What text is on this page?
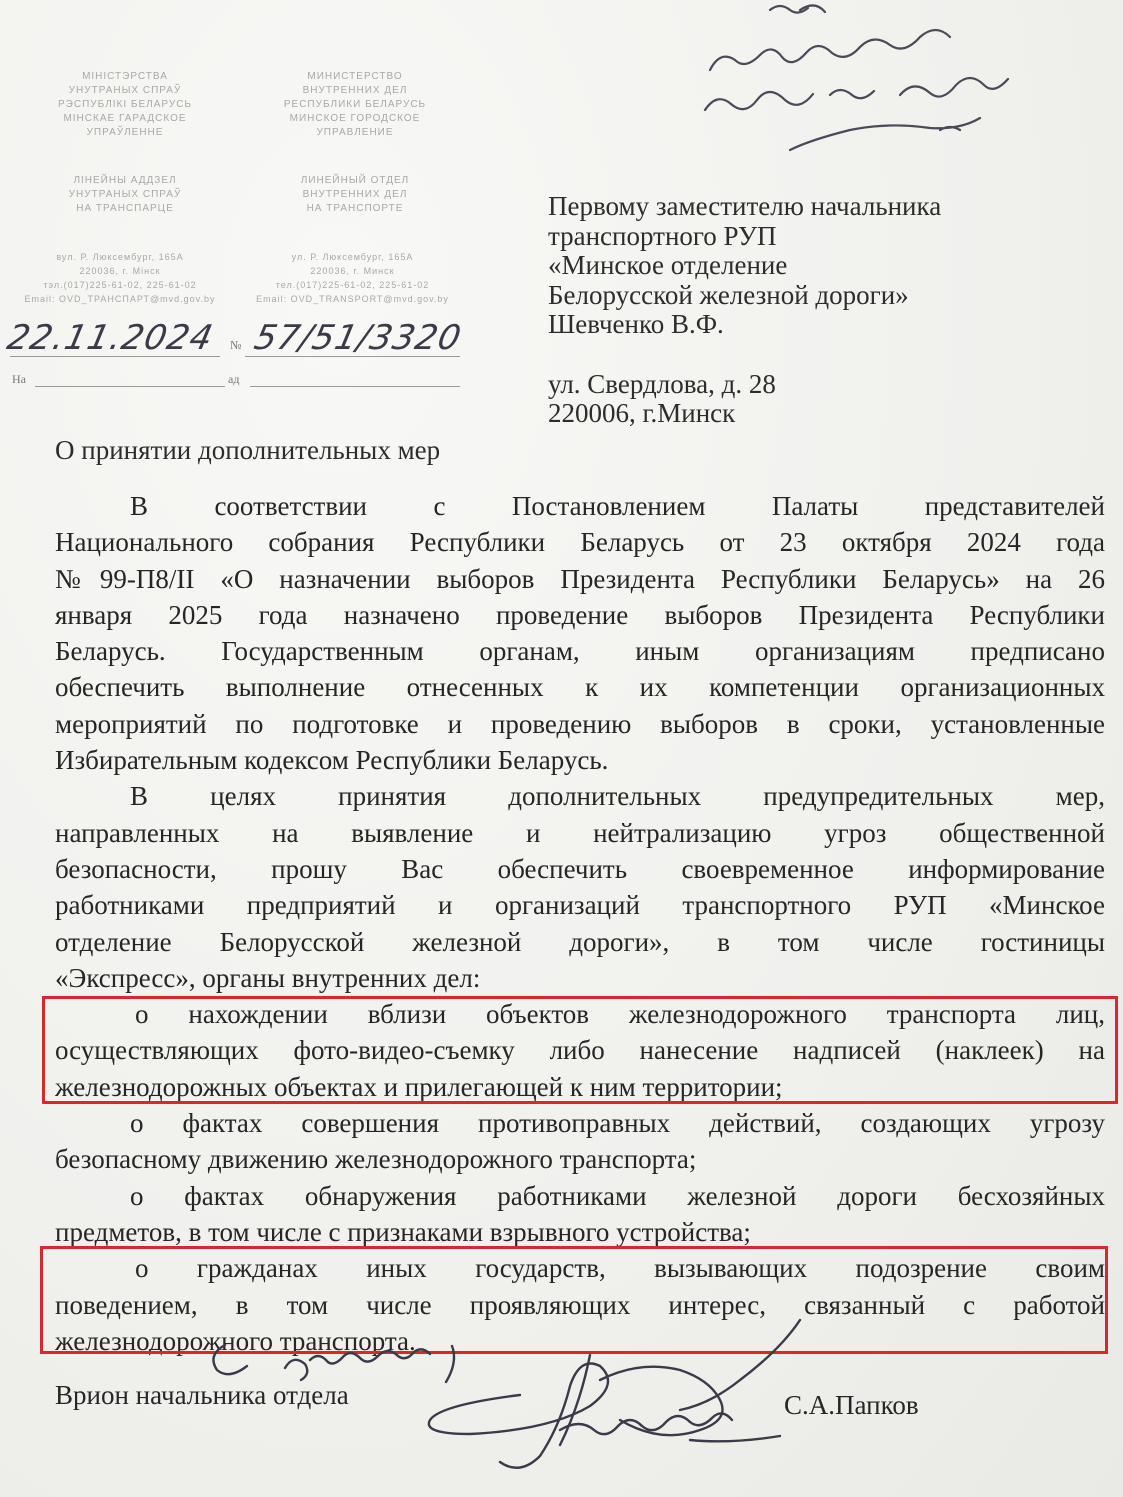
МІНІСТЭРСТВА
УНУТРАНЫХ СПРАЎ
РЭСПУБЛІКІ БЕЛАРУСЬ
МІНСКАЕ ГАРАДСКОЕ
УПРАЎЛЕННЕ
ЛІНЕЙНЫ АДДЗЕЛ
УНУТРАНЫХ СПРАЎ
НА ТРАНСПАРЦЕ
МИНИСТЕРСТВО
ВНУТРЕННИХ ДЕЛ
РЕСПУБЛИКИ БЕЛАРУСЬ
МИНСКОЕ ГОРОДСКОЕ
УПРАВЛЕНИЕ
ЛИНЕЙНЫЙ ОТДЕЛ
ВНУТРЕННИХ ДЕЛ
НА ТРАНСПОРТЕ
вул. Р. Люксембург, 165А
220036, г. Мінск
тэл.(017)225-61-02, 225-61-02
Email: OVD_ТРАНСПАРТ@mvd.gov.by
ул. Р. Люксембург, 165А
220036, г. Минск
тел.(017)225-61-02, 225-61-02
Email: OVD_TRANSPORT@mvd.gov.by
22.11.2024 № 57/51/3320
На	ад
Первому заместителю начальника
транспортного РУП
«Минское отделение
Белорусской железной дороги»
Шевченко В.Ф.
ул. Свердлова, д. 28
220006, г.Минск
О принятии дополнительных мер
В соответствии с Постановлением Палаты представителей
Национального собрания Республики Беларусь от 23 октября 2024 года
№99-П8/II «О назначении выборов Президента Республики Беларусь» на 26
января 2025 года назначено проведение выборов Президента Республики
Беларусь. Государственным органам, иным организациям предписано
обеспечить выполнение отнесенных к их компетенции организационных
мероприятий по подготовке и проведению выборов в сроки, установленные
Избирательным кодексом Республики Беларусь.
В целях принятия дополнительных предупредительных мер,
направленных на выявление и нейтрализацию угроз общественной
безопасности, прошу Вас обеспечить своевременное информирование
работниками предприятий и организаций транспортного РУП «Минское
отделение Белорусской железной дороги», в том числе гостиницы
«Экспресс», органы внутренних дел:
о нахождении вблизи объектов железнодорожного транспорта лиц,
осуществляющих фото-видео-съемку либо нанесение надписей (наклеек) на
железнодорожных объектах и прилегающей к ним территории;
о фактах совершения противоправных действий, создающих угрозу
безопасному движению железнодорожного транспорта;
о фактах обнаружения работниками железной дороги бесхозяйных
предметов, в том числе с признаками взрывного устройства;
о гражданах иных государств, вызывающих подозрение своим
поведением, в том числе проявляющих интерес, связанный с работой
железнодорожного транспорта.
Врион начальника отдела	С.А.Папков
